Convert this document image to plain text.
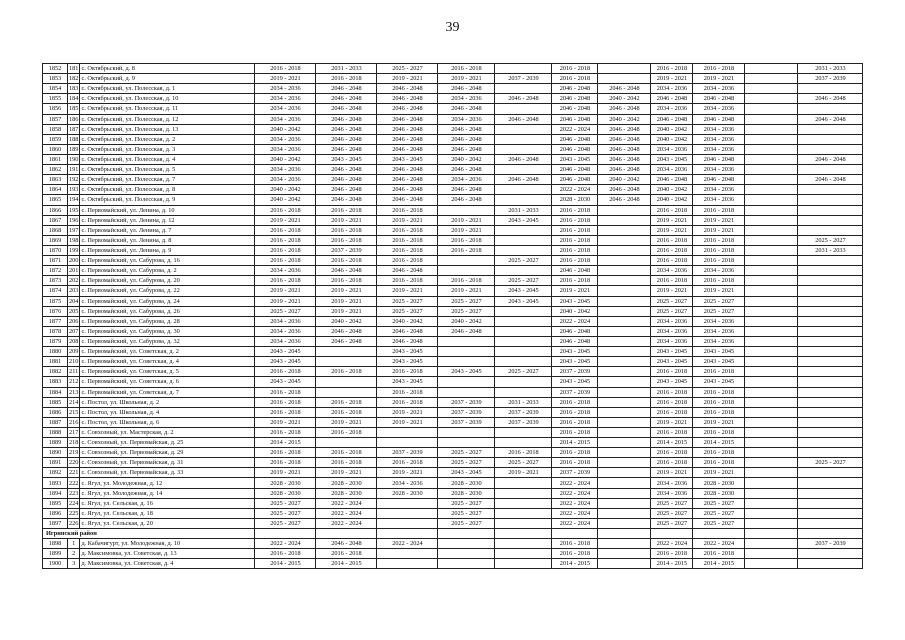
39
1852	181	с. Октябрьский, д. 8	2016 - 2018	2031 - 2033	2025 - 2027	2016 - 2018		2016 - 2018		2016 - 2018	2016 - 2018		2031 - 2033
1853	182	с. Октябрьский, д. 9	2019 - 2021	2016 - 2018	2019 - 2021	2019 - 2021	2037 - 2039	2016 - 2018		2019 - 2021	2019 - 2021		2037 - 2039
1854	183	с. Октябрьский, ул. Полесская, д. 1	2034 - 2036	2046 - 2048	2046 - 2048	2046 - 2048		2046 - 2048	2046 - 2048	2034 - 2036	2034 - 2036		
1855	184	с. Октябрьский, ул. Полесская, д. 10	2034 - 2036	2046 - 2048	2046 - 2048	2034 - 2036	2046 - 2048	2046 - 2048	2040 - 2042	2046 - 2048	2046 - 2048		2046 - 2048
1856	185	с. Октябрьский, ул. Полесская, д. 11	2034 - 2036	2046 - 2048	2046 - 2048	2046 - 2048		2046 - 2048	2046 - 2048	2034 - 2036	2034 - 2036		
1857	186	с. Октябрьский, ул. Полесская, д. 12	2034 - 2036	2046 - 2048	2046 - 2048	2034 - 2036	2046 - 2048	2046 - 2048	2040 - 2042	2046 - 2048	2046 - 2048		2046 - 2048
1858	187	с. Октябрьский, ул. Полесская, д. 13	2040 - 2042	2046 - 2048	2046 - 2048	2046 - 2048		2022 - 2024	2046 - 2048	2040 - 2042	2034 - 2036		
1859	188	с. Октябрьский, ул. Полесская, д. 2	2034 - 2036	2046 - 2048	2046 - 2048	2046 - 2048		2046 - 2048	2046 - 2048	2040 - 2042	2034 - 2036		
1860	189	с. Октябрьский, ул. Полесская, д. 3	2034 - 2036	2046 - 2048	2046 - 2048	2046 - 2048		2046 - 2048	2046 - 2048	2034 - 2036	2034 - 2036		
1861	190	с. Октябрьский, ул. Полесская, д. 4	2040 - 2042	2043 - 2045	2043 - 2045	2040 - 2042	2046 - 2048	2043 - 2045	2046 - 2048	2043 - 2045	2046 - 2048		2046 - 2048
1862	191	с. Октябрьский, ул. Полесская, д. 5	2034 - 2036	2046 - 2048	2046 - 2048	2046 - 2048		2046 - 2048	2046 - 2048	2034 - 2036	2034 - 2036		
1863	192	с. Октябрьский, ул. Полесская, д. 7	2034 - 2036	2046 - 2048	2046 - 2048	2034 - 2036	2046 - 2048	2046 - 2048	2040 - 2042	2046 - 2048	2046 - 2048		2046 - 2048
1864	193	с. Октябрьский, ул. Полесская, д. 8	2040 - 2042	2046 - 2048	2046 - 2048	2046 - 2048		2022 - 2024	2046 - 2048	2040 - 2042	2034 - 2036		
1865	194	с. Октябрьский, ул. Полесская, д. 9	2040 - 2042	2046 - 2048	2046 - 2048	2046 - 2048		2028 - 2030	2046 - 2048	2040 - 2042	2034 - 2036		
1866	195	с. Первомайский, ул. Ленина, д. 10	2016 - 2018	2016 - 2018	2016 - 2018		2031 - 2033	2016 - 2018		2016 - 2018	2016 - 2018		
1867	196	с. Первомайский, ул. Ленина, д. 12	2019 - 2021	2019 - 2021	2019 - 2021	2019 - 2021	2043 - 2045	2016 - 2018		2019 - 2021	2019 - 2021		
1868	197	с. Первомайский, ул. Ленина, д. 7	2016 - 2018	2016 - 2018	2016 - 2018	2019 - 2021		2016 - 2018		2019 - 2021	2019 - 2021		
1869	198	с. Первомайский, ул. Ленина, д. 8	2016 - 2018	2016 - 2018	2016 - 2018	2016 - 2018		2016 - 2018		2016 - 2018	2016 - 2018		2025 - 2027
1870	199	с. Первомайский, ул. Ленина, д. 9	2016 - 2018	2037 - 2039	2016 - 2018	2016 - 2018		2016 - 2018		2016 - 2018	2016 - 2018		2031 - 2033
1871	200	с. Первомайский, ул. Сабурова, д. 16	2016 - 2018	2016 - 2018	2016 - 2018		2025 - 2027	2016 - 2018		2016 - 2018	2016 - 2018		
1872	201	с. Первомайский, ул. Сабурова, д. 2	2034 - 2036	2046 - 2048	2046 - 2048			2046 - 2048		2034 - 2036	2034 - 2036		
1873	202	с. Первомайский, ул. Сабурова, д. 20	2016 - 2018	2016 - 2018	2016 - 2018	2016 - 2018	2025 - 2027	2016 - 2018		2016 - 2018	2016 - 2018		
1874	203	с. Первомайский, ул. Сабурова, д. 22	2019 - 2021	2019 - 2021	2019 - 2021	2019 - 2021	2043 - 2045	2019 - 2021		2019 - 2021	2019 - 2021		
1875	204	с. Первомайский, ул. Сабурова, д. 24	2019 - 2021	2019 - 2021	2025 - 2027	2025 - 2027	2043 - 2045	2043 - 2045		2025 - 2027	2025 - 2027		
1876	205	с. Первомайский, ул. Сабурова, д. 26	2025 - 2027	2019 - 2021	2025 - 2027	2025 - 2027		2040 - 2042		2025 - 2027	2025 - 2027		
1877	206	с. Первомайский, ул. Сабурова, д. 28	2034 - 2036	2040 - 2042	2040 - 2042	2040 - 2042		2022 - 2024		2034 - 2036	2034 - 2036		
1878	207	с. Первомайский, ул. Сабурова, д. 30	2034 - 2036	2046 - 2048	2046 - 2048	2046 - 2048		2046 - 2048		2034 - 2036	2034 - 2036		
1879	208	с. Первомайский, ул. Сабурова, д. 32	2034 - 2036	2046 - 2048	2046 - 2048			2046 - 2048		2034 - 2036	2034 - 2036		
1880	209	с. Первомайский, ул. Советская, д. 2	2043 - 2045		2043 - 2045			2043 - 2045		2043 - 2045	2043 - 2045		
1881	210	с. Первомайский, ул. Советская, д. 4	2043 - 2045		2043 - 2045			2043 - 2045		2043 - 2045	2043 - 2045		
1882	211	с. Первомайский, ул. Советская, д. 5	2016 - 2018	2016 - 2018	2016 - 2018	2043 - 2045	2025 - 2027	2037 - 2039		2016 - 2018	2016 - 2018		
1883	212	с. Первомайский, ул. Советская, д. 6	2043 - 2045		2043 - 2045			2043 - 2045		2043 - 2045	2043 - 2045		
1884	213	с. Первомайский, ул. Советская, д. 7	2016 - 2018		2016 - 2018			2037 - 2039		2016 - 2018	2016 - 2018		
1885	214	с. Постол, ул. Школьная, д. 2	2016 - 2018	2016 - 2018	2016 - 2018	2037 - 2039	2031 - 2033	2016 - 2018		2016 - 2018	2016 - 2018		
1886	215	с. Постол, ул. Школьная, д. 4	2016 - 2018	2016 - 2018	2019 - 2021	2037 - 2039	2037 - 2039	2016 - 2018		2016 - 2018	2016 - 2018		
1887	216	с. Постол, ул. Школьная, д. 6	2019 - 2021	2019 - 2021	2019 - 2021	2037 - 2039	2037 - 2039	2016 - 2018		2019 - 2021	2019 - 2021		
1888	217	с. Совхозный, ул. Мастерская, д. 2	2016 - 2018	2016 - 2018				2016 - 2018		2016 - 2018	2016 - 2018		
1889	218	с. Совхозный, ул. Первомайская, д. 25	2014 - 2015					2014 - 2015		2014 - 2015	2014 - 2015		
1890	219	с. Совхозный, ул. Первомайская, д. 29	2016 - 2018	2016 - 2018	2037 - 2039	2025 - 2027	2016 - 2018	2016 - 2018		2016 - 2018	2016 - 2018		
1891	220	с. Совхозный, ул. Первомайская, д. 31	2016 - 2018	2016 - 2018	2016 - 2018	2025 - 2027	2025 - 2027	2016 - 2018		2016 - 2018	2016 - 2018		2025 - 2027
1892	221	с. Совхозный, ул. Первомайская, д. 33	2019 - 2021	2019 - 2021	2019 - 2021	2043 - 2045	2019 - 2021	2037 - 2039		2019 - 2021	2019 - 2021		
1893	222	с. Ягул, ул. Молодежная, д. 12	2028 - 2030	2028 - 2030	2034 - 2036	2028 - 2030		2022 - 2024		2034 - 2036	2028 - 2030		
1894	223	с. Ягул, ул. Молодежная, д. 14	2028 - 2030	2028 - 2030	2028 - 2030	2028 - 2030		2022 - 2024		2034 - 2036	2028 - 2030		
1895	224	с. Ягул, ул. Сельская, д. 16	2025 - 2027	2022 - 2024		2025 - 2027		2022 - 2024		2025 - 2027	2025 - 2027		
1896	225	с. Ягул, ул. Сельская, д. 18	2025 - 2027	2022 - 2024		2025 - 2027		2022 - 2024		2025 - 2027	2025 - 2027		
1897	226	с. Ягул, ул. Сельская, д. 20	2025 - 2027	2022 - 2024		2025 - 2027		2022 - 2024		2025 - 2027	2025 - 2027		
Игринский район													
1898	1	д. Кабачигурт, ул. Молодежная, д. 10	2022 - 2024	2046 - 2048	2022 - 2024			2016 - 2018		2022 - 2024	2022 - 2024		2037 - 2039
1899	2	д. Максимовка, ул. Советская, д. 13	2016 - 2018	2016 - 2018				2016 - 2018		2016 - 2018	2016 - 2018		
1900	3	д. Максимовка, ул. Советская, д. 4	2014 - 2015	2014 - 2015				2014 - 2015		2014 - 2015	2014 - 2015		
